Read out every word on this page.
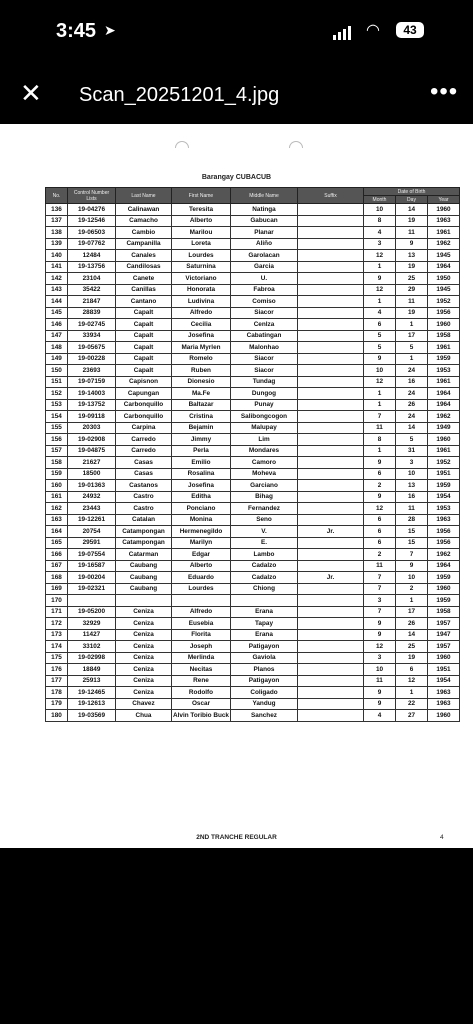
3:45 ➤	◠	43
✕ Scan_20251201_4.jpg	•••
Barangay CUBACUB
No.	Control Number
Lists	Last Name	First Name	Middle Name	Suffix	Date of Birth		
						Month	Day	Year
136	19-04276	Calinawan	Teresita	Natinga		10	14	1960
137	19-12546	Camacho	Alberto	Gabucan		8	19	1963
138	19-06503	Cambio	Marilou	Planar		4	11	1961
139	19-07762	Campanilla	Loreta	Aliño		3	9	1962
140	12484	Canales	Lourdes	Garolacan		12	13	1945
141	19-13756	Candilosas	Saturnina	Garcia		1	19	1964
142	23104	Canete	Victoriano	U.		9	25	1950
143	35422	Canillas	Honorata	Fabroa		12	29	1945
144	21847	Cantano	Ludivina	Comiso		1	11	1952
145	28839	Capalt	Alfredo	Siacor		4	19	1956
146	19-02745	Capalt	Cecilia	Cenlza		6	1	1960
147	33934	Capalt	Josefina	Cabatingan		5	17	1958
148	19-05675	Capalt	Maria Myrlen	Malonhao		5	5	1961
149	19-00228	Capalt	Romelo	Siacor		9	1	1959
150	23693	Capalt	Ruben	Siacor		10	24	1953
151	19-07159	Capisnon	Dionesio	Tundag		12	16	1961
152	19-14003	Capungan	Ma.Fe	Dungog		1	24	1964
153	19-13752	Carbonquillo	Baltazar	Punay		1	26	1964
154	19-09118	Carbonquillo	Cristina	Salibongcogon		7	24	1962
155	20303	Carpina	Bejamin	Malupay		11	14	1949
156	19-02908	Carredo	Jimmy	Lim		8	5	1960
157	19-04875	Carredo	Perla	Mondares		1	31	1961
158	21627	Casas	Emilio	Camoro		9	3	1952
159	18500	Casas	Rosalina	Moheva		6	10	1951
160	19-01363	Castanos	Josefina	Garciano		2	13	1959
161	24932	Castro	Editha	Bihag		9	16	1954
162	23443	Castro	Ponciano	Fernandez		12	11	1953
163	19-12261	Catalan	Monina	Seno		6	28	1963
164	20754	Catampongan	Hermenegildo	V.	Jr.	6	15	1956
165	29591	Catampongan	Marilyn	E.		6	15	1956
166	19-07554	Catarman	Edgar	Lambo		2	7	1962
167	19-16587	Caubang	Alberto	Cadalzo		11	9	1964
168	19-00204	Caubang	Eduardo	Cadalzo	Jr.	7	10	1959
169	19-02321	Caubang	Lourdes	Chiong		7	2	1960
170						3	1	1959
171	19-05200	Ceniza	Alfredo	Erana		7	17	1958
172	32929	Ceniza	Eusebia	Tapay		9	26	1957
173	11427	Ceniza	Florita	Erana		9	14	1947
174	33102	Ceniza	Joseph	Patigayon		12	25	1957
175	19-02998	Ceniza	Merlinda	Gaviola		3	19	1960
176	18849	Ceniza	Necitas	Planos		10	6	1951
177	25913	Ceniza	Rene	Patigayon		11	12	1954
178	19-12465	Ceniza	Rodolfo	Coligado		9	1	1963
179	19-12613	Chavez	Oscar	Yandug		9	22	1963
180	19-03569	Chua	Alvin Toribio Buck	Sanchez		4	27	1960
2ND TRANCHE REGULAR	4
